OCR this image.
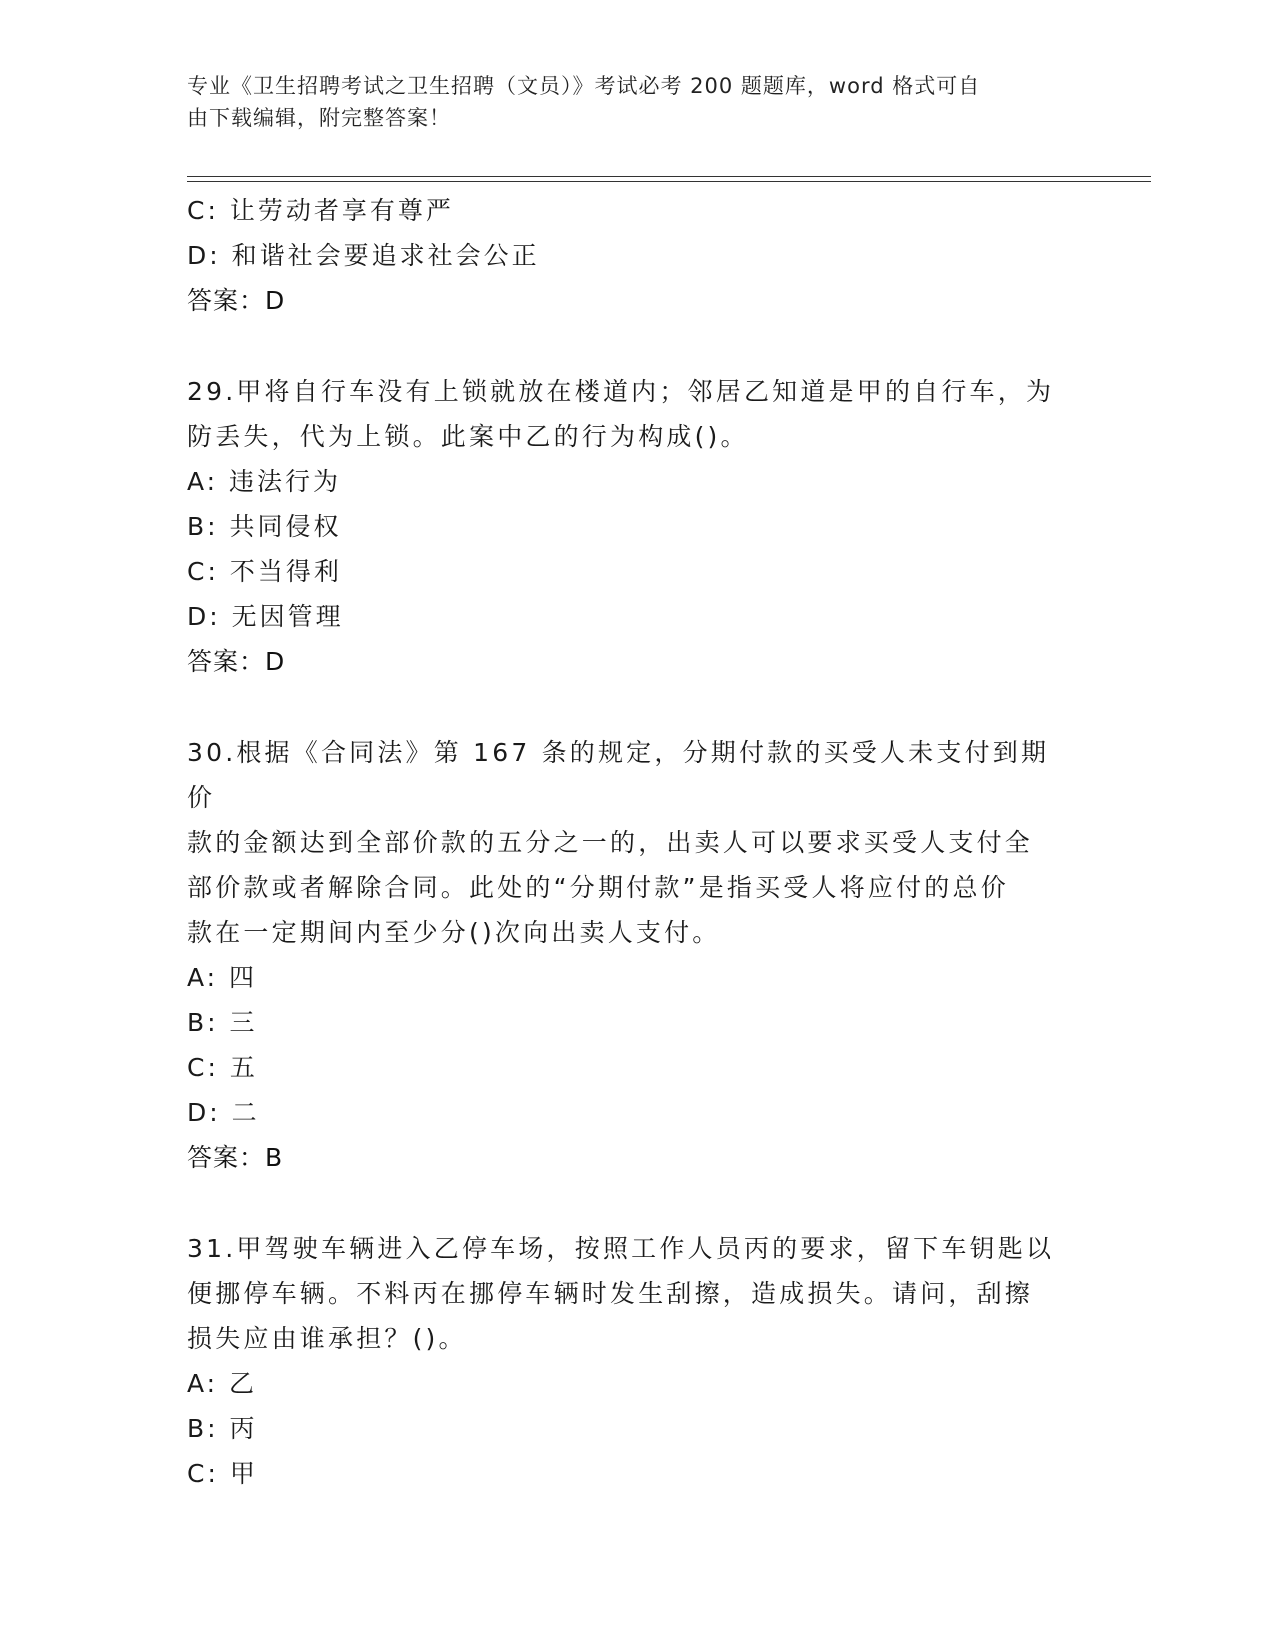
专业《卫生招聘考试之卫生招聘（文员）》考试必考 200 题题库，word 格式可自
由下载编辑，附完整答案！
C: 让劳动者享有尊严
D: 和谐社会要追求社会公正
答案：D
29.甲将自行车没有上锁就放在楼道内；邻居乙知道是甲的自行车，为
防丢失，代为上锁。此案中乙的行为构成()。
A: 违法行为
B: 共同侵权
C: 不当得利
D: 无因管理
答案：D
30.根据《合同法》第 167 条的规定，分期付款的买受人未支付到期价
款的金额达到全部价款的五分之一的，出卖人可以要求买受人支付全
部价款或者解除合同。此处的“分期付款”是指买受人将应付的总价
款在一定期间内至少分()次向出卖人支付。
A: 四
B: 三
C: 五
D: 二
答案：B
31.甲驾驶车辆进入乙停车场，按照工作人员丙的要求，留下车钥匙以
便挪停车辆。不料丙在挪停车辆时发生刮擦，造成损失。请问，刮擦
损失应由谁承担？()。
A: 乙
B: 丙
C: 甲
